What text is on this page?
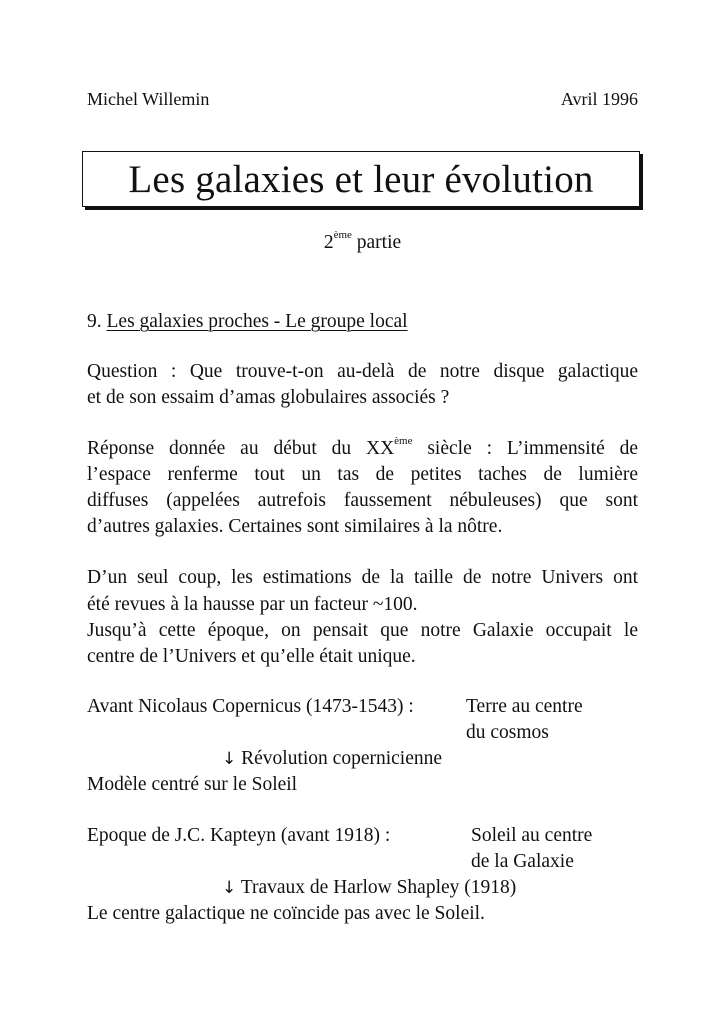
Michel Willemin	Avril 1996
Les galaxies et leur évolution
2ème partie
9. Les galaxies proches - Le groupe local
Question : Que trouve-t-on au-delà de notre disque galactique
et de son essaim d’amas globulaires associés ?
Réponse donnée au début du XXème siècle : L’immensité de
l’espace renferme tout un tas de petites taches de lumière
diffuses (appelées autrefois faussement nébuleuses) que sont
d’autres galaxies. Certaines sont similaires à la nôtre.
D’un seul coup, les estimations de la taille de notre Univers ont
été revues à la hausse par un facteur ~100.
Jusqu’à cette époque, on pensait que notre Galaxie occupait le
centre de l’Univers et qu’elle était unique.
Avant Nicolaus Copernicus (1473-1543) :	Terre au centre
du cosmos
↓ Révolution copernicienne
Modèle centré sur le Soleil
Epoque de J.C. Kapteyn (avant 1918) :	Soleil au centre
de la Galaxie
↓ Travaux de Harlow Shapley (1918)
Le centre galactique ne coïncide pas avec le Soleil.
